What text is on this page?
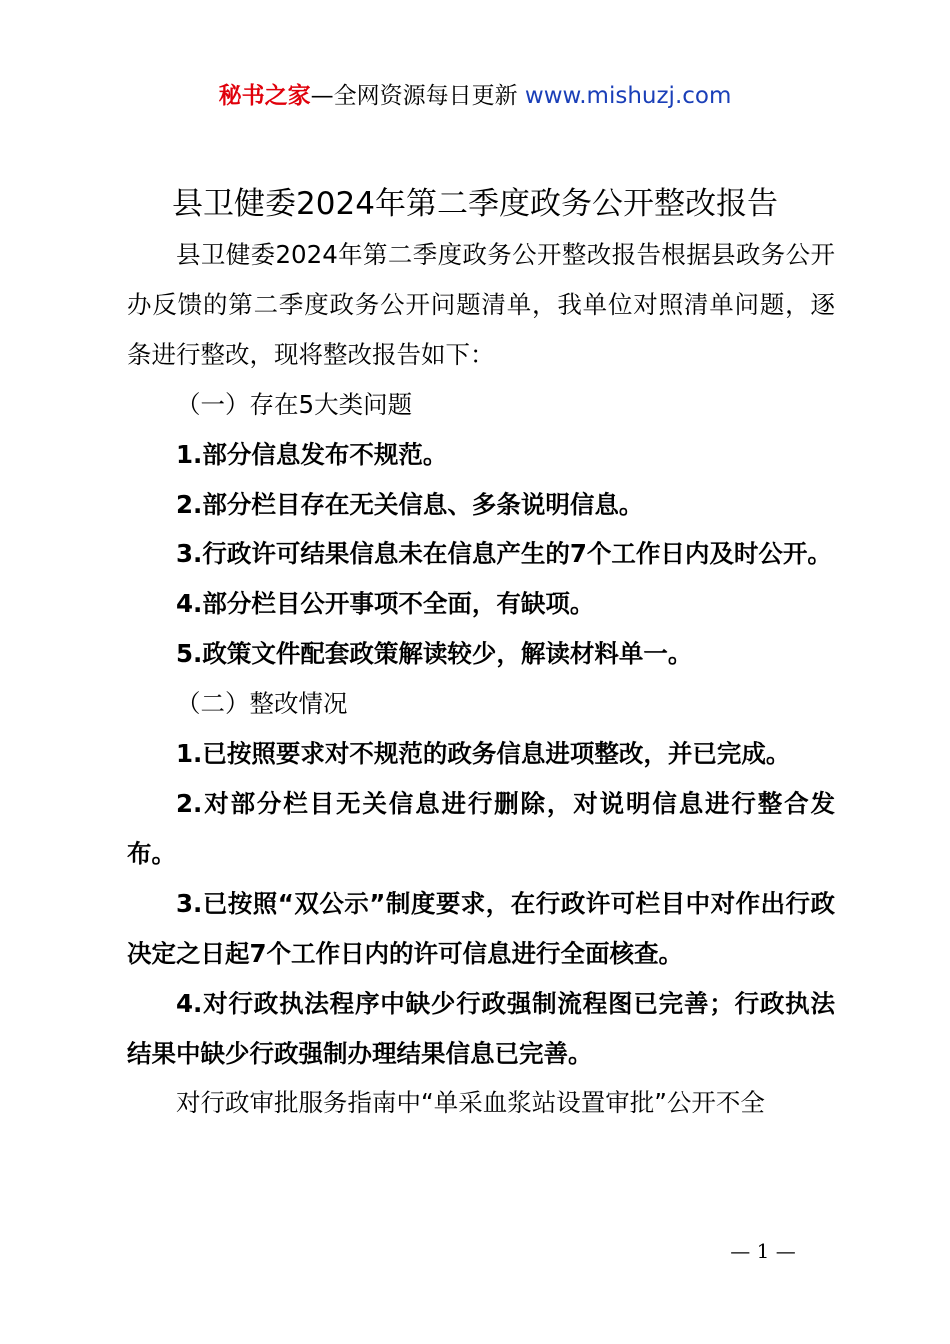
秘书之家—全网资源每日更新 www.mishuzj.com
县卫健委2024年第二季度政务公开整改报告

县卫健委2024年第二季度政务公开整改报告根据县政务公开办反馈的第二季度政务公开问题清单，我单位对照清单问题，逐条进行整改，现将整改报告如下：

（一）存在5大类问题

1.部分信息发布不规范。

2.部分栏目存在无关信息、多条说明信息。

3.行政许可结果信息未在信息产生的7个工作日内及时公开。

4.部分栏目公开事项不全面，有缺项。

5.政策文件配套政策解读较少，解读材料单一。

（二）整改情况

1.已按照要求对不规范的政务信息进项整改，并已完成。

2.对部分栏目无关信息进行删除，对说明信息进行整合发布。

3.已按照“双公示”制度要求，在行政许可栏目中对作出行政决定之日起7个工作日内的许可信息进行全面核查。

4.对行政执法程序中缺少行政强制流程图已完善；行政执法结果中缺少行政强制办理结果信息已完善。

对行政审批服务指南中“单采血浆站设置审批”公开不全

— 1 —
